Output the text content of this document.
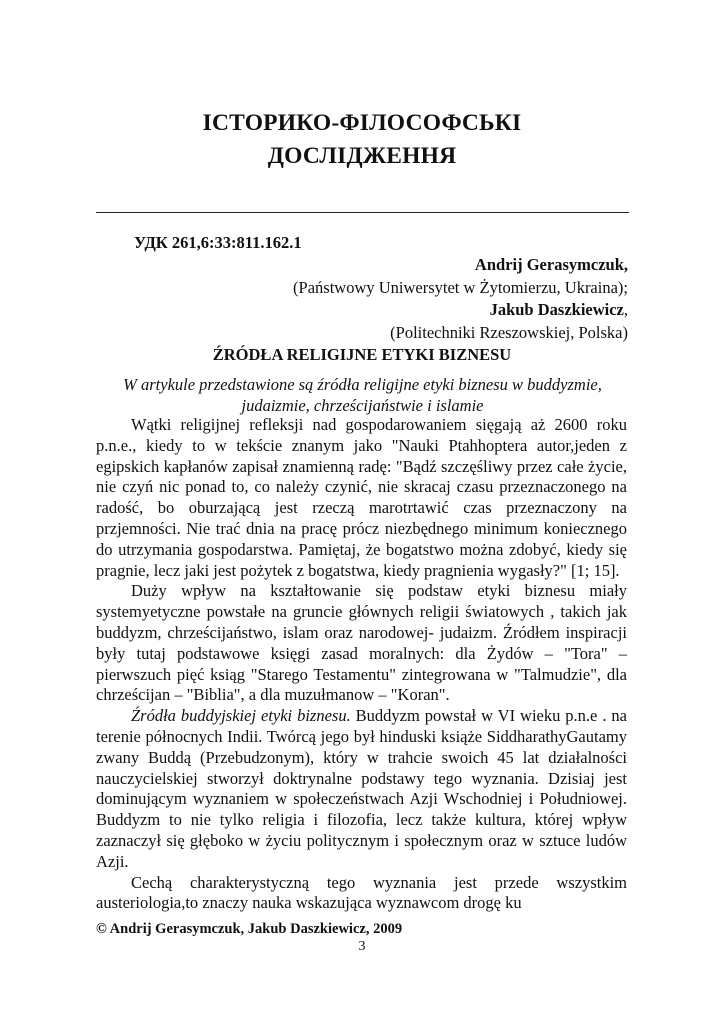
ІСТОРИКО-ФІЛОСОФСЬКІ
ДОСЛІДЖЕННЯ
УДК 261,6:33:811.162.1
Andrij Gerasymczuk,
(Państwowy Uniwersytet w Żytomierzu, Ukraina);
Jakub Daszkiewicz,
(Politechniki Rzeszowskiej, Polska)
ŹRÓDŁA RELIGIJNE ETYKI BIZNESU
W artykule przedstawione są źródła religijne etyki biznesu w buddyzmie, judaizmie, chrześcijaństwie i islamie

Wątki religijnej refleksji nad gospodarowaniem sięgają aż 2600 roku p.n.e., kiedy to w tekście znanym jako "Nauki Ptahhoptera autor,jeden z egipskich kapłanów zapisał znamienną radę: "Bądź szczęśliwy przez całe życie, nie czyń nic ponad to, co należy czynić, nie skracaj czasu przeznaczonego na radość, bo oburzającą jest rzeczą marotrtawić czas przeznaczony na przjemności. Nie trać dnia na pracę prócz niezbędnego minimum koniecznego do utrzymania gospodarstwa. Pamiętaj, że bogatstwo można zdobyć, kiedy się pragnie, lecz jaki jest pożytek z bogatstwa, kiedy pragnienia wygasły?" [1; 15].

Duży wpływ na kształtowanie się podstaw etyki biznesu miały systemyetyczne powstałe na gruncie głównych religii światowych , takich jak buddyzm, chrześcijaństwo, islam oraz narodowej- judaizm. Źródłem inspiracji były tutaj podstawowe księgi zasad moralnych: dla Żydów – "Tora" – pierwszuch pięć ksiąg "Starego Testamentu" zintegrowana w "Talmudzie", dla chrześcijan – "Biblia", a dla muzułmanow – "Koran".

Źródła buddyjskiej etyki biznesu. Buddyzm powstał w VI wieku p.n.e . na terenie północnych Indii. Twórcą jego był hinduski książe SiddharathyGautamy zwany Buddą (Przebudzonym), który w trahcie swoich 45 lat działalności nauczycielskiej stworzył doktrynalne podstawy tego wyznania. Dzisiaj jest dominującym wyznaniem w społeczeństwach Azji Wschodniej i Południowej. Buddyzm to nie tylko religia i filozofia, lecz także kultura, której wpływ zaznaczył się głęboko w życiu politycznym i społecznym oraz w sztuce ludów Azji.

Cechą charakterystyczną tego wyznania jest przede wszystkim austeriologia,to znaczy nauka wskazująca wyznawcom drogę ku

© Andrij Gerasymczuk, Jakub Daszkiewicz, 2009
3
